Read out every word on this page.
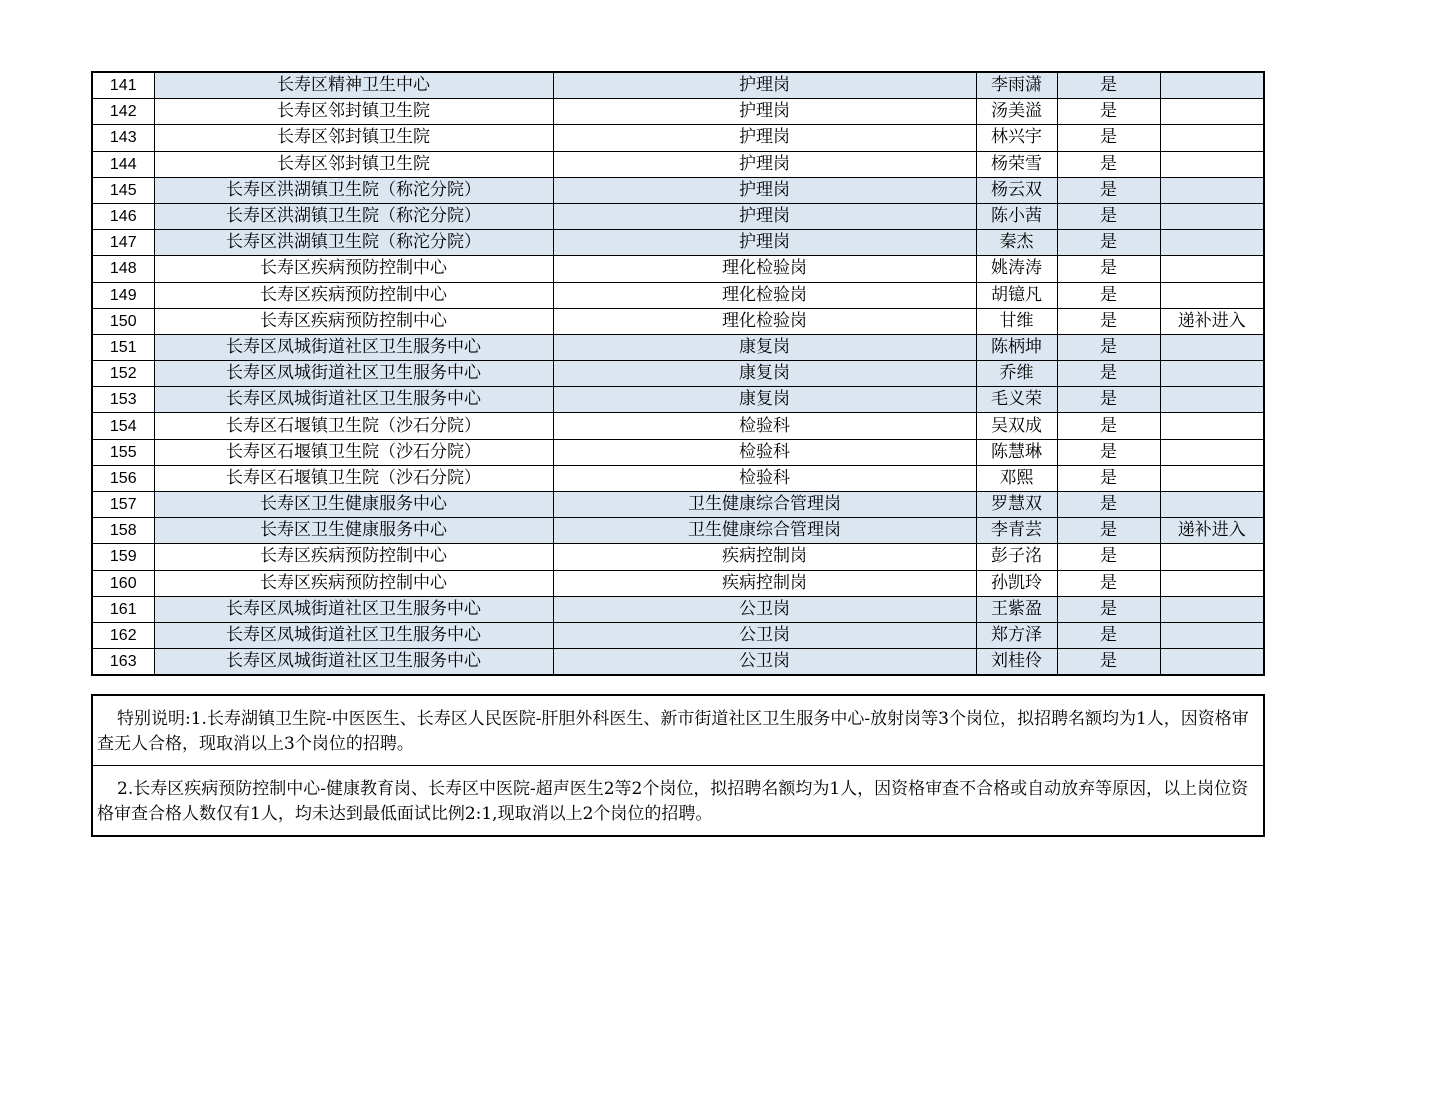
141	长寿区精神卫生中心	护理岗	李雨潇	是	
142	长寿区邻封镇卫生院	护理岗	汤美溢	是	
143	长寿区邻封镇卫生院	护理岗	林兴宇	是	
144	长寿区邻封镇卫生院	护理岗	杨荣雪	是	
145	长寿区洪湖镇卫生院（称沱分院）	护理岗	杨云双	是	
146	长寿区洪湖镇卫生院（称沱分院）	护理岗	陈小茜	是	
147	长寿区洪湖镇卫生院（称沱分院）	护理岗	秦杰	是	
148	长寿区疾病预防控制中心	理化检验岗	姚涛涛	是	
149	长寿区疾病预防控制中心	理化检验岗	胡镱凡	是	
150	长寿区疾病预防控制中心	理化检验岗	甘维	是	递补进入
151	长寿区凤城街道社区卫生服务中心	康复岗	陈柄坤	是	
152	长寿区凤城街道社区卫生服务中心	康复岗	乔维	是	
153	长寿区凤城街道社区卫生服务中心	康复岗	毛义荣	是	
154	长寿区石堰镇卫生院（沙石分院）	检验科	吴双成	是	
155	长寿区石堰镇卫生院（沙石分院）	检验科	陈慧琳	是	
156	长寿区石堰镇卫生院（沙石分院）	检验科	邓熙	是	
157	长寿区卫生健康服务中心	卫生健康综合管理岗	罗慧双	是	
158	长寿区卫生健康服务中心	卫生健康综合管理岗	李青芸	是	递补进入
159	长寿区疾病预防控制中心	疾病控制岗	彭子洺	是	
160	长寿区疾病预防控制中心	疾病控制岗	孙凯玲	是	
161	长寿区凤城街道社区卫生服务中心	公卫岗	王紫盈	是	
162	长寿区凤城街道社区卫生服务中心	公卫岗	郑方泽	是	
163	长寿区凤城街道社区卫生服务中心	公卫岗	刘桂伶	是	
特别说明:1.长寿湖镇卫生院-中医医生、长寿区人民医院-肝胆外科医生、新市街道社区卫生服务中心-放射岗等3个岗位，拟招聘名额均为1人，因资格审查无人合格，现取消以上3个岗位的招聘。
2.长寿区疾病预防控制中心-健康教育岗、长寿区中医院-超声医生2等2个岗位，拟招聘名额均为1人，因资格审查不合格或自动放弃等原因，以上岗位资格审查合格人数仅有1人，均未达到最低面试比例2:1,现取消以上2个岗位的招聘。
